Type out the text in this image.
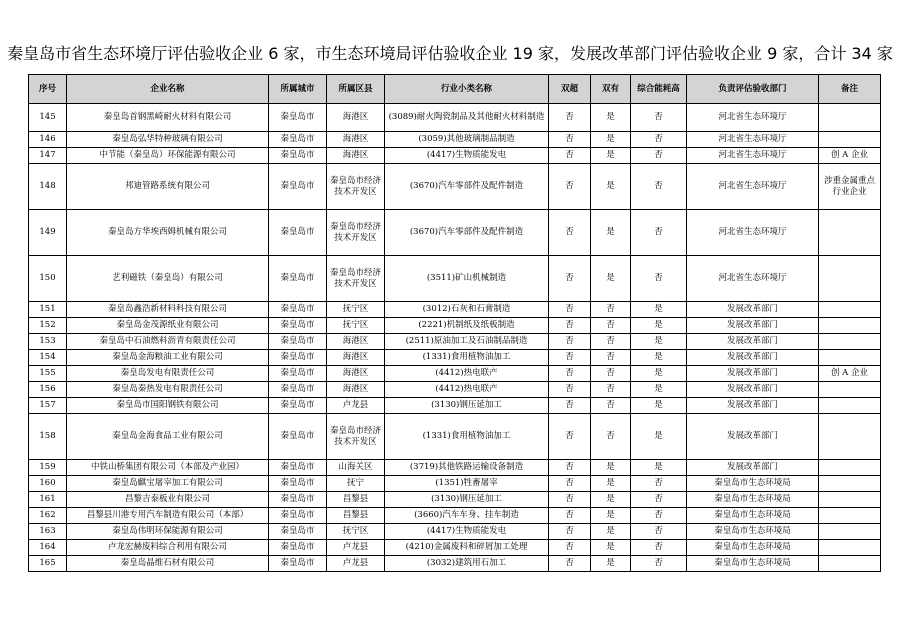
秦皇岛市省生态环境厅评估验收企业 6 家，市生态环境局评估验收企业 19 家，发展改革部门评估验收企业 9 家，合计 34 家
序号	企业名称	所属城市	所属区县	行业小类名称	双超	双有	综合能耗高	负责评估验收部门	备注
145	秦皇岛首钢黑崎耐火材料有限公司	秦皇岛市	海港区	(3089)耐火陶瓷制品及其他耐火材料制造	否	是	否	河北省生态环境厅	
146	秦皇岛弘华特种玻璃有限公司	秦皇岛市	海港区	(3059)其他玻璃制品制造	否	是	否	河北省生态环境厅	
147	中节能（秦皇岛）环保能源有限公司	秦皇岛市	海港区	(4417)生物质能发电	否	是	否	河北省生态环境厅	创 A 企业
148	邦迪管路系统有限公司	秦皇岛市	秦皇岛市经济技术开发区	(3670)汽车零部件及配件制造	否	是	否	河北省生态环境厅	涉重金属重点行业企业
149	秦皇岛方华埃西姆机械有限公司	秦皇岛市	秦皇岛市经济技术开发区	(3670)汽车零部件及配件制造	否	是	否	河北省生态环境厅	
150	艺利磁铁（秦皇岛）有限公司	秦皇岛市	秦皇岛市经济技术开发区	(3511)矿山机械制造	否	是	否	河北省生态环境厅	
151	秦皇岛鑫浩新材料科技有限公司	秦皇岛市	抚宁区	(3012)石灰和石膏制造	否	否	是	发展改革部门	
152	秦皇岛金茂源纸业有限公司	秦皇岛市	抚宁区	(2221)机制纸及纸板制造	否	否	是	发展改革部门	
153	秦皇岛中石油燃料沥青有限责任公司	秦皇岛市	海港区	(2511)原油加工及石油制品制造	否	否	是	发展改革部门	
154	秦皇岛金海粮油工业有限公司	秦皇岛市	海港区	(1331)食用植物油加工	否	否	是	发展改革部门	
155	秦皇岛发电有限责任公司	秦皇岛市	海港区	(4412)热电联产	否	否	是	发展改革部门	创 A 企业
156	秦皇岛秦热发电有限责任公司	秦皇岛市	海港区	(4412)热电联产	否	否	是	发展改革部门	
157	秦皇岛市国阳钢铁有限公司	秦皇岛市	卢龙县	(3130)钢压延加工	否	否	是	发展改革部门	
158	秦皇岛金海食品工业有限公司	秦皇岛市	秦皇岛市经济技术开发区	(1331)食用植物油加工	否	否	是	发展改革部门	
159	中铁山桥集团有限公司（本部及产业园）	秦皇岛市	山海关区	(3719)其他铁路运输设备制造	否	是	是	发展改革部门	
160	秦皇岛麒宝屠宰加工有限公司	秦皇岛市	抚宁	(1351)牲畜屠宰	否	是	否	秦皇岛市生态环境局	
161	昌黎吉泰板业有限公司	秦皇岛市	昌黎县	(3130)钢压延加工	否	是	否	秦皇岛市生态环境局	
162	昌黎县川港专用汽车制造有限公司（本部）	秦皇岛市	昌黎县	(3660)汽车车身、挂车制造	否	是	否	秦皇岛市生态环境局	
163	秦皇岛伟明环保能源有限公司	秦皇岛市	抚宁区	(4417)生物质能发电	否	是	否	秦皇岛市生态环境局	
164	卢龙宏赫废料综合利用有限公司	秦皇岛市	卢龙县	(4210)金属废料和碎屑加工处理	否	是	否	秦皇岛市生态环境局	
165	秦皇岛晶维石材有限公司	秦皇岛市	卢龙县	(3032)建筑用石加工	否	是	否	秦皇岛市生态环境局	
